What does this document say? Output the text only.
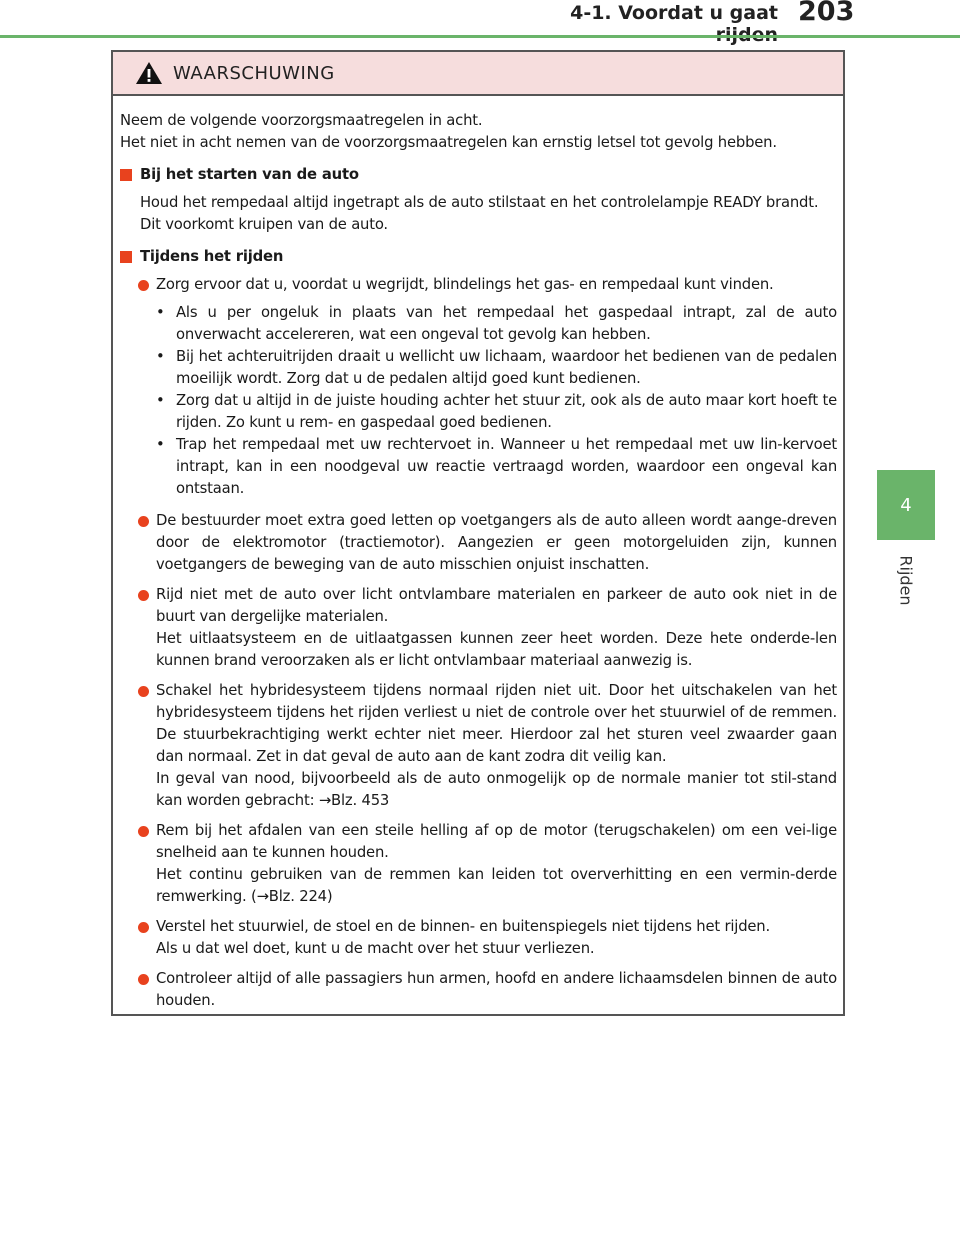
4-1. Voordat u gaat 203
4
Rijden
WAARSCHUWING
Neem de volgende voorzorgsmaatregelen in acht.
Het niet in acht nemen van de voorzorgsmaatregelen kan ernstig letsel tot gevolg hebben.
Bij het starten van de auto
Houd het rempedaal altijd ingetrapt als de auto stilstaat en het controlelampje READY brandt. Dit voorkomt kruipen van de auto.
Tijdens het rijden
Zorg ervoor dat u, voordat u wegrijdt, blindelings het gas- en rempedaal kunt vinden.
• Als u per ongeluk in plaats van het rempedaal het gaspedaal intrapt, zal de auto onverwacht accelereren, wat een ongeval tot gevolg kan hebben.
• Bij het achteruitrijden draait u wellicht uw lichaam, waardoor het bedienen van de pedalen moeilijk wordt. Zorg dat u de pedalen altijd goed kunt bedienen.
• Zorg dat u altijd in de juiste houding achter het stuur zit, ook als de auto maar kort hoeft te rijden. Zo kunt u rem- en gaspedaal goed bedienen.
• Trap het rempedaal met uw rechtervoet in. Wanneer u het rempedaal met uw lin-kervoet intrapt, kan in een noodgeval uw reactie vertraagd worden, waardoor een ongeval kan ontstaan.
De bestuurder moet extra goed letten op voetgangers als de auto alleen wordt aange-dreven door de elektromotor (tractiemotor). Aangezien er geen motorgeluiden zijn, kunnen voetgangers de beweging van de auto misschien onjuist inschatten.
Rijd niet met de auto over licht ontvlambare materialen en parkeer de auto ook niet in de buurt van dergelijke materialen.
Het uitlaatsysteem en de uitlaatgassen kunnen zeer heet worden. Deze hete onderde-len kunnen brand veroorzaken als er licht ontvlambaar materiaal aanwezig is.
Schakel het hybridesysteem tijdens normaal rijden niet uit. Door het uitschakelen van het hybridesysteem tijdens het rijden verliest u niet de controle over het stuurwiel of de remmen. De stuurbekrachtiging werkt echter niet meer. Hierdoor zal het sturen veel zwaarder gaan dan normaal. Zet in dat geval de auto aan de kant zodra dit veilig kan.
In geval van nood, bijvoorbeeld als de auto onmogelijk op de normale manier tot stil-stand kan worden gebracht: →Blz. 453
Rem bij het afdalen van een steile helling af op de motor (terugschakelen) om een vei-lige snelheid aan te kunnen houden.
Het continu gebruiken van de remmen kan leiden tot oververhitting en een vermin-derde remwerking. (→Blz. 224)
Verstel het stuurwiel, de stoel en de binnen- en buitenspiegels niet tijdens het rijden.
Als u dat wel doet, kunt u de macht over het stuur verliezen.
Controleer altijd of alle passagiers hun armen, hoofd en andere lichaamsdelen binnen de auto houden.
